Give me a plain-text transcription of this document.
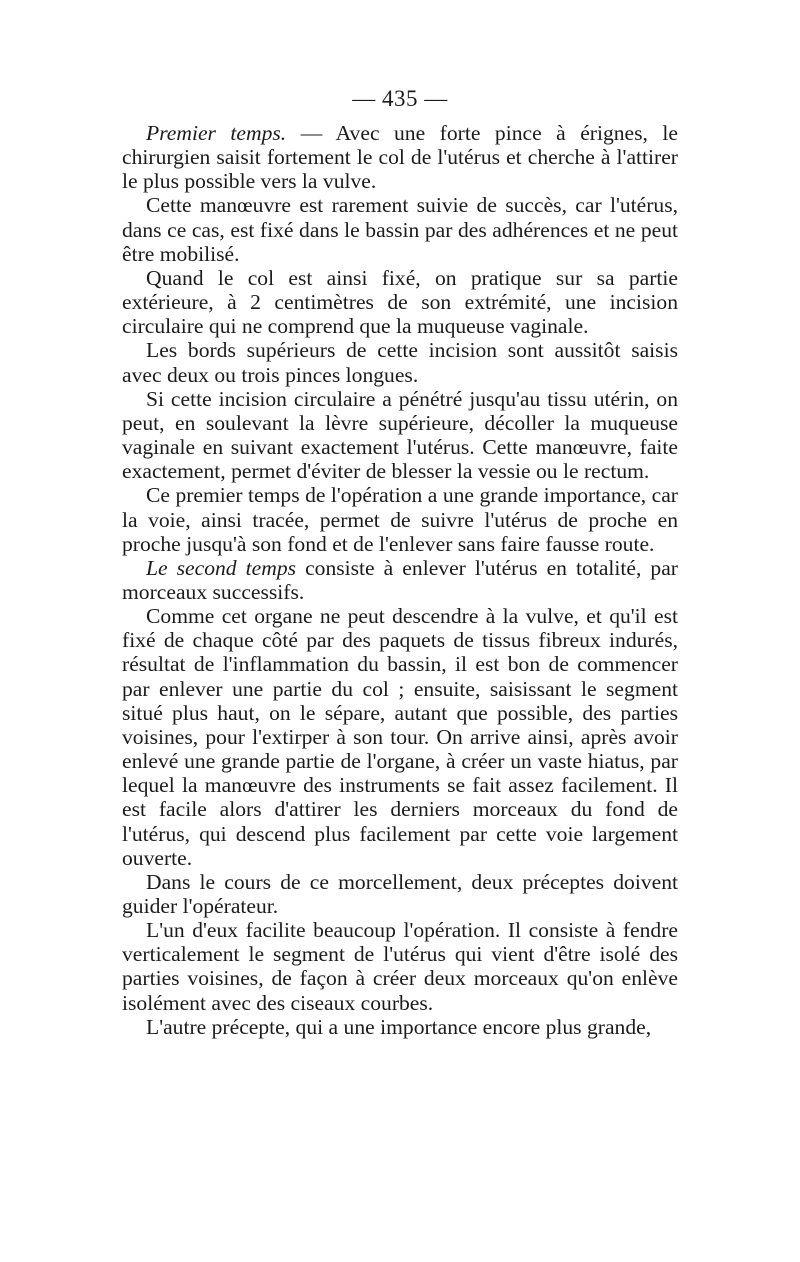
— 435 —

Premier temps. — Avec une forte pince à érignes, le chirurgien saisit fortement le col de l'utérus et cherche à l'attirer le plus possible vers la vulve.

Cette manœuvre est rarement suivie de succès, car l'utérus, dans ce cas, est fixé dans le bassin par des adhérences et ne peut être mobilisé.

Quand le col est ainsi fixé, on pratique sur sa partie extérieure, à 2 centimètres de son extrémité, une incision circulaire qui ne comprend que la muqueuse vaginale.

Les bords supérieurs de cette incision sont aussitôt saisis avec deux ou trois pinces longues.

Si cette incision circulaire a pénétré jusqu'au tissu utérin, on peut, en soulevant la lèvre supérieure, décoller la muqueuse vaginale en suivant exactement l'utérus. Cette manœuvre, faite exactement, permet d'éviter de blesser la vessie ou le rectum.

Ce premier temps de l'opération a une grande importance, car la voie, ainsi tracée, permet de suivre l'utérus de proche en proche jusqu'à son fond et de l'enlever sans faire fausse route.

Le second temps consiste à enlever l'utérus en totalité, par morceaux successifs.

Comme cet organe ne peut descendre à la vulve, et qu'il est fixé de chaque côté par des paquets de tissus fibreux indurés, résultat de l'inflammation du bassin, il est bon de commencer par enlever une partie du col ; ensuite, saisissant le segment situé plus haut, on le sépare, autant que possible, des parties voisines, pour l'extirper à son tour. On arrive ainsi, après avoir enlevé une grande partie de l'organe, à créer un vaste hiatus, par lequel la manœuvre des instruments se fait assez facilement. Il est facile alors d'attirer les derniers morceaux du fond de l'utérus, qui descend plus facilement par cette voie largement ouverte.

Dans le cours de ce morcellement, deux préceptes doivent guider l'opérateur.

L'un d'eux facilite beaucoup l'opération. Il consiste à fendre verticalement le segment de l'utérus qui vient d'être isolé des parties voisines, de façon à créer deux morceaux qu'on enlève isolément avec des ciseaux courbes.

L'autre précepte, qui a une importance encore plus grande,
